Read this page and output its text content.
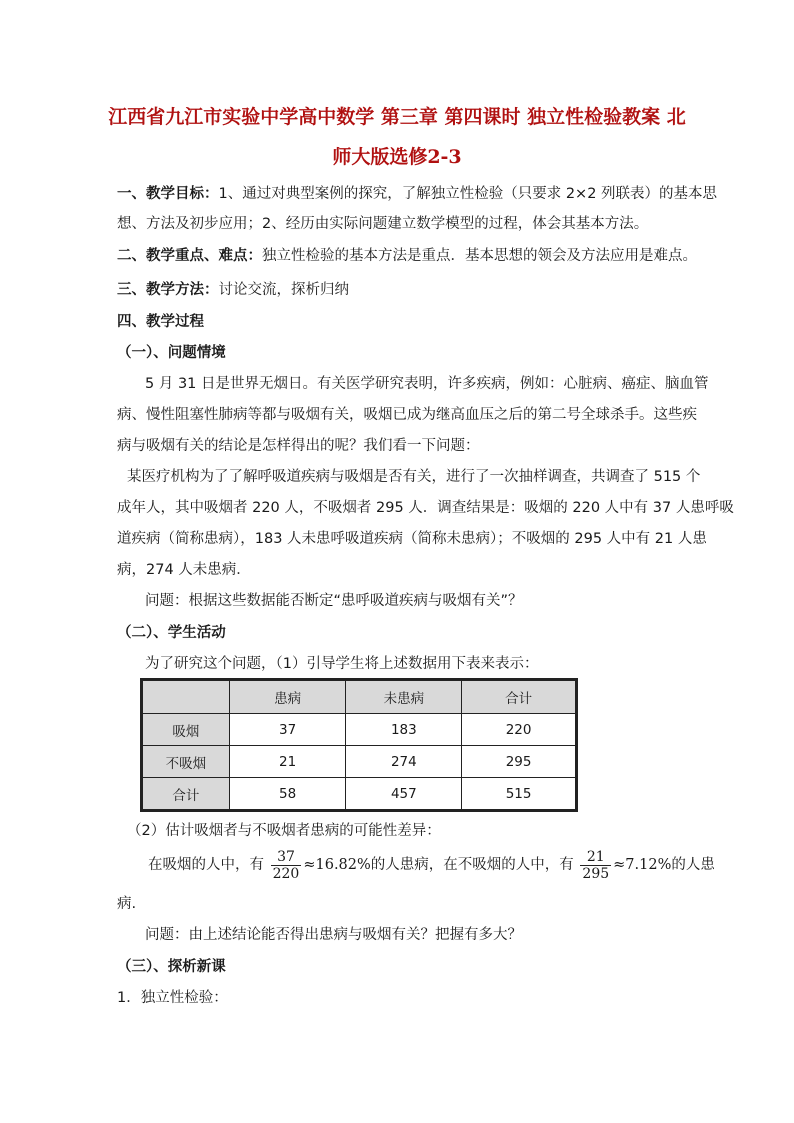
江西省九江市实验中学高中数学 第三章 第四课时 独立性检验教案 北
师大版选修2-3
一、教学目标：1、通过对典型案例的探究，了解独立性检验（只要求 2×2 列联表）的基本思
想、方法及初步应用；2、经历由实际问题建立数学模型的过程，体会其基本方法。
二、教学重点、难点：独立性检验的基本方法是重点．基本思想的领会及方法应用是难点。
三、教学方法：讨论交流，探析归纳
四、教学过程
（一）、问题情境
5 月 31 日是世界无烟日。有关医学研究表明，许多疾病，例如：心脏病、癌症、脑血管
病、慢性阻塞性肺病等都与吸烟有关，吸烟已成为继高血压之后的第二号全球杀手。这些疾
病与吸烟有关的结论是怎样得出的呢？我们看一下问题：
某医疗机构为了了解呼吸道疾病与吸烟是否有关，进行了一次抽样调查，共调查了 515 个
成年人，其中吸烟者 220 人，不吸烟者 295 人．调查结果是：吸烟的 220 人中有 37 人患呼吸
道疾病（简称患病），183 人未患呼吸道疾病（简称未患病）；不吸烟的 295 人中有 21 人患
病，274 人未患病．
问题：根据这些数据能否断定“患呼吸道疾病与吸烟有关”？
（二）、学生活动
为了研究这个问题，（1）引导学生将上述数据用下表来表示：
	患病	未患病	合计
吸烟	37	183	220
不吸烟	21	274	295
合计	58	457	515
（2）估计吸烟者与不吸烟者患病的可能性差异：
在吸烟的人中，有 $\frac{37}{220} \approx 16.82\%$的人患病，在不吸烟的人中，有 $\frac{21}{295} \approx 7.12\%$的人患
病.
问题：由上述结论能否得出患病与吸烟有关？把握有多大？
（三）、探析新课
1．独立性检验：
